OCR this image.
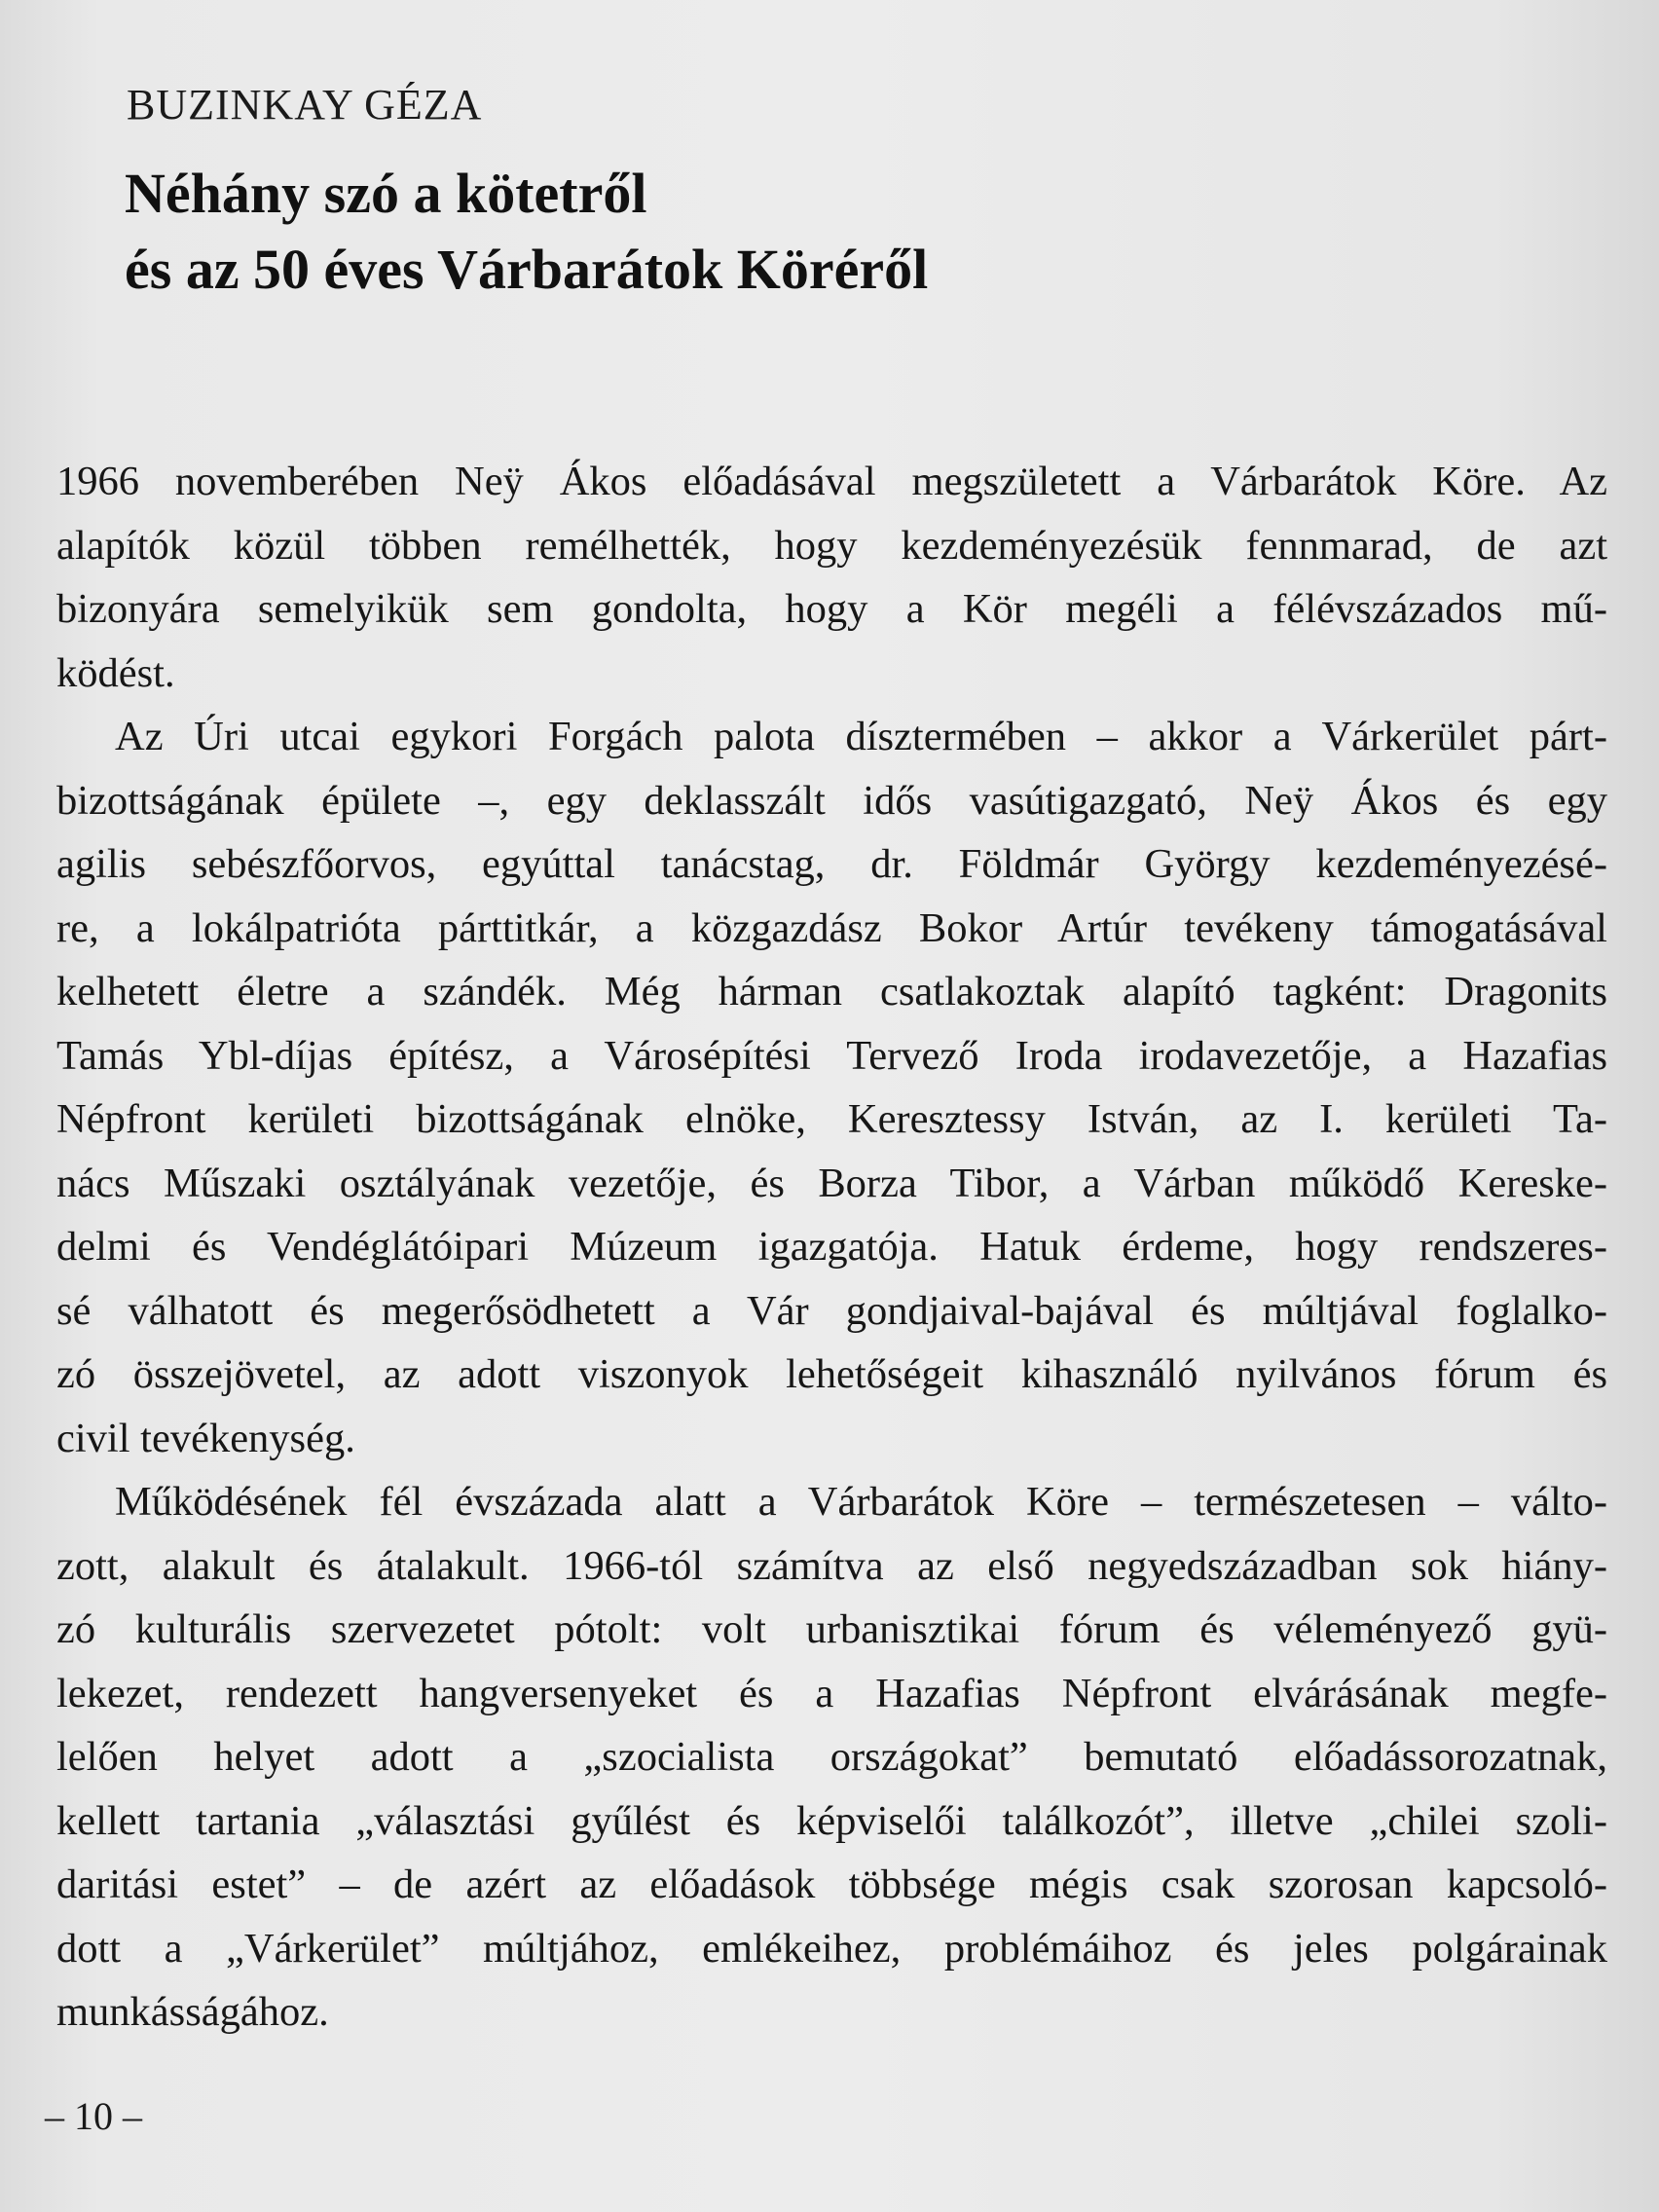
BUZINKAY GÉZA
Néhány szó a kötetről
és az 50 éves Várbarátok Köréről

1966 novemberében Neÿ Ákos előadásával megszületett a Várbarátok Köre. Az
alapítók közül többen remélhették, hogy kezdeményezésük fennmarad, de azt
bizonyára semelyikük sem gondolta, hogy a Kör megéli a félévszázados mű-
ködést.

Az Úri utcai egykori Forgách palota dísztermében – akkor a Várkerület párt-
bizottságának épülete –, egy deklasszált idős vasútigazgató, Neÿ Ákos és egy
agilis sebészfőorvos, egyúttal tanácstag, dr. Földmár György kezdeményezésé-
re, a lokálpatrióta párttitkár, a közgazdász Bokor Artúr tevékeny támogatásával
kelhetett életre a szándék. Még hárman csatlakoztak alapító tagként: Dragonits
Tamás Ybl-díjas építész, a Városépítési Tervező Iroda irodavezetője, a Hazafias
Népfront kerületi bizottságának elnöke, Keresztessy István, az I. kerületi Ta-
nács Műszaki osztályának vezetője, és Borza Tibor, a Várban működő Kereske-
delmi és Vendéglátóipari Múzeum igazgatója. Hatuk érdeme, hogy rendszeres-
sé válhatott és megerősödhetett a Vár gondjaival-bajával és múltjával foglalko-
zó összejövetel, az adott viszonyok lehetőségeit kihasználó nyilvános fórum és
civil tevékenység.

Működésének fél évszázada alatt a Várbarátok Köre – természetesen – válto-
zott, alakult és átalakult. 1966-tól számítva az első negyedszázadban sok hiány-
zó kulturális szervezetet pótolt: volt urbanisztikai fórum és véleményező gyü-
lekezet, rendezett hangversenyeket és a Hazafias Népfront elvárásának megfe-
lelően helyet adott a „szocialista országokat” bemutató előadássorozatnak,
kellett tartania „választási gyűlést és képviselői találkozót”, illetve „chilei szoli-
daritási estet” – de azért az előadások többsége mégis csak szorosan kapcsoló-
dott a „Várkerület” múltjához, emlékeihez, problémáihoz és jeles polgárainak
munkásságához.

– 10 –
